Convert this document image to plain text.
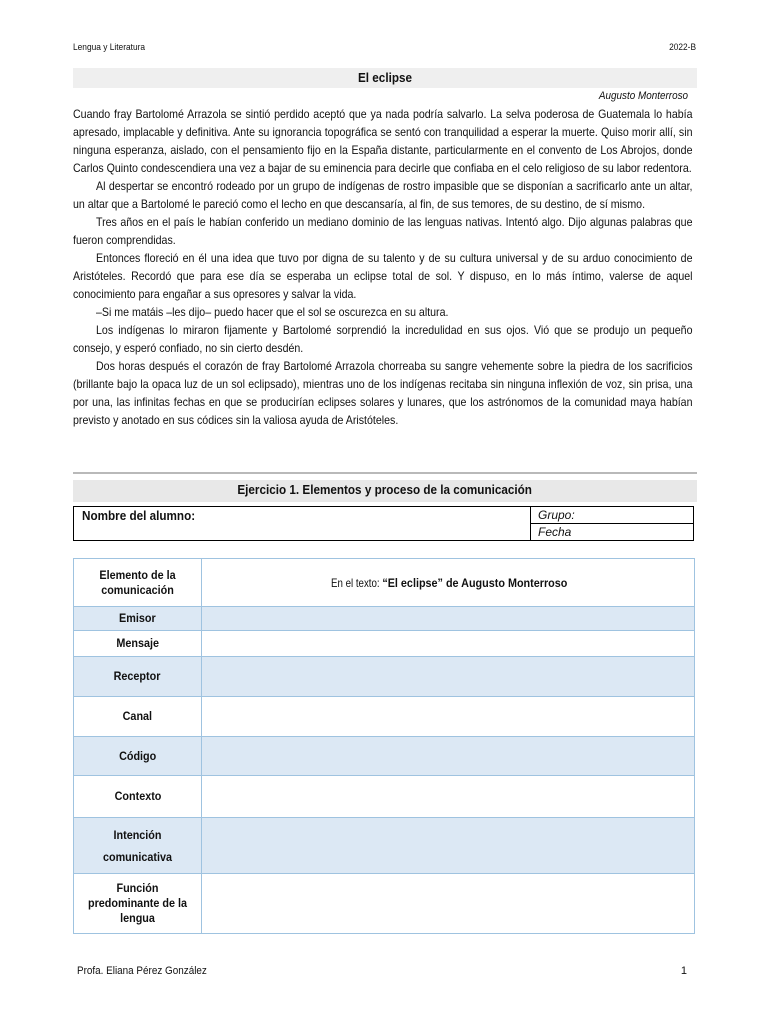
Lengua y Literatura	2022-B
El eclipse
Augusto Monterroso

Cuando fray Bartolomé Arrazola se sintió perdido aceptó que ya nada podría salvarlo. La selva poderosa de Guatemala lo había apresado, implacable y definitiva. Ante su ignorancia topográfica se sentó con tranquilidad a esperar la muerte. Quiso morir allí, sin ninguna esperanza, aislado, con el pensamiento fijo en la España distante, particularmente en el convento de Los Abrojos, donde Carlos Quinto condescendiera una vez a bajar de su eminencia para decirle que confiaba en el celo religioso de su labor redentora.

Al despertar se encontró rodeado por un grupo de indígenas de rostro impasible que se disponían a sacrificarlo ante un altar, un altar que a Bartolomé le pareció como el lecho en que descansaría, al fin, de sus temores, de su destino, de sí mismo.

Tres años en el país le habían conferido un mediano dominio de las lenguas nativas. Intentó algo. Dijo algunas palabras que fueron comprendidas.

Entonces floreció en él una idea que tuvo por digna de su talento y de su cultura universal y de su arduo conocimiento de Aristóteles. Recordó que para ese día se esperaba un eclipse total de sol. Y dispuso, en lo más íntimo, valerse de aquel conocimiento para engañar a sus opresores y salvar la vida.

–Si me matáis –les dijo– puedo hacer que el sol se oscurezca en su altura.

Los indígenas lo miraron fijamente y Bartolomé sorprendió la incredulidad en sus ojos. Vió que se produjo un pequeño consejo, y esperó confiado, no sin cierto desdén.

Dos horas después el corazón de fray Bartolomé Arrazola chorreaba su sangre vehemente sobre la piedra de los sacrificios (brillante bajo la opaca luz de un sol eclipsado), mientras uno de los indígenas recitaba sin ninguna inflexión de voz, sin prisa, una por una, las infinitas fechas en que se producirían eclipses solares y lunares, que los astrónomos de la comunidad maya habían previsto y anotado en sus códices sin la valiosa ayuda de Aristóteles.

Ejercicio 1. Elementos y proceso de la comunicación
Nombre del alumno:	Grupo:
Fecha
Elemento de la comunicación	En el texto:“El eclipse” de Augusto Monterroso
Emisor	
Mensaje	
Receptor	
Canal	
Código	
Contexto	
Intención comunicativa	
Función predominante de la lengua	
Profa. Eliana Pérez González	1
